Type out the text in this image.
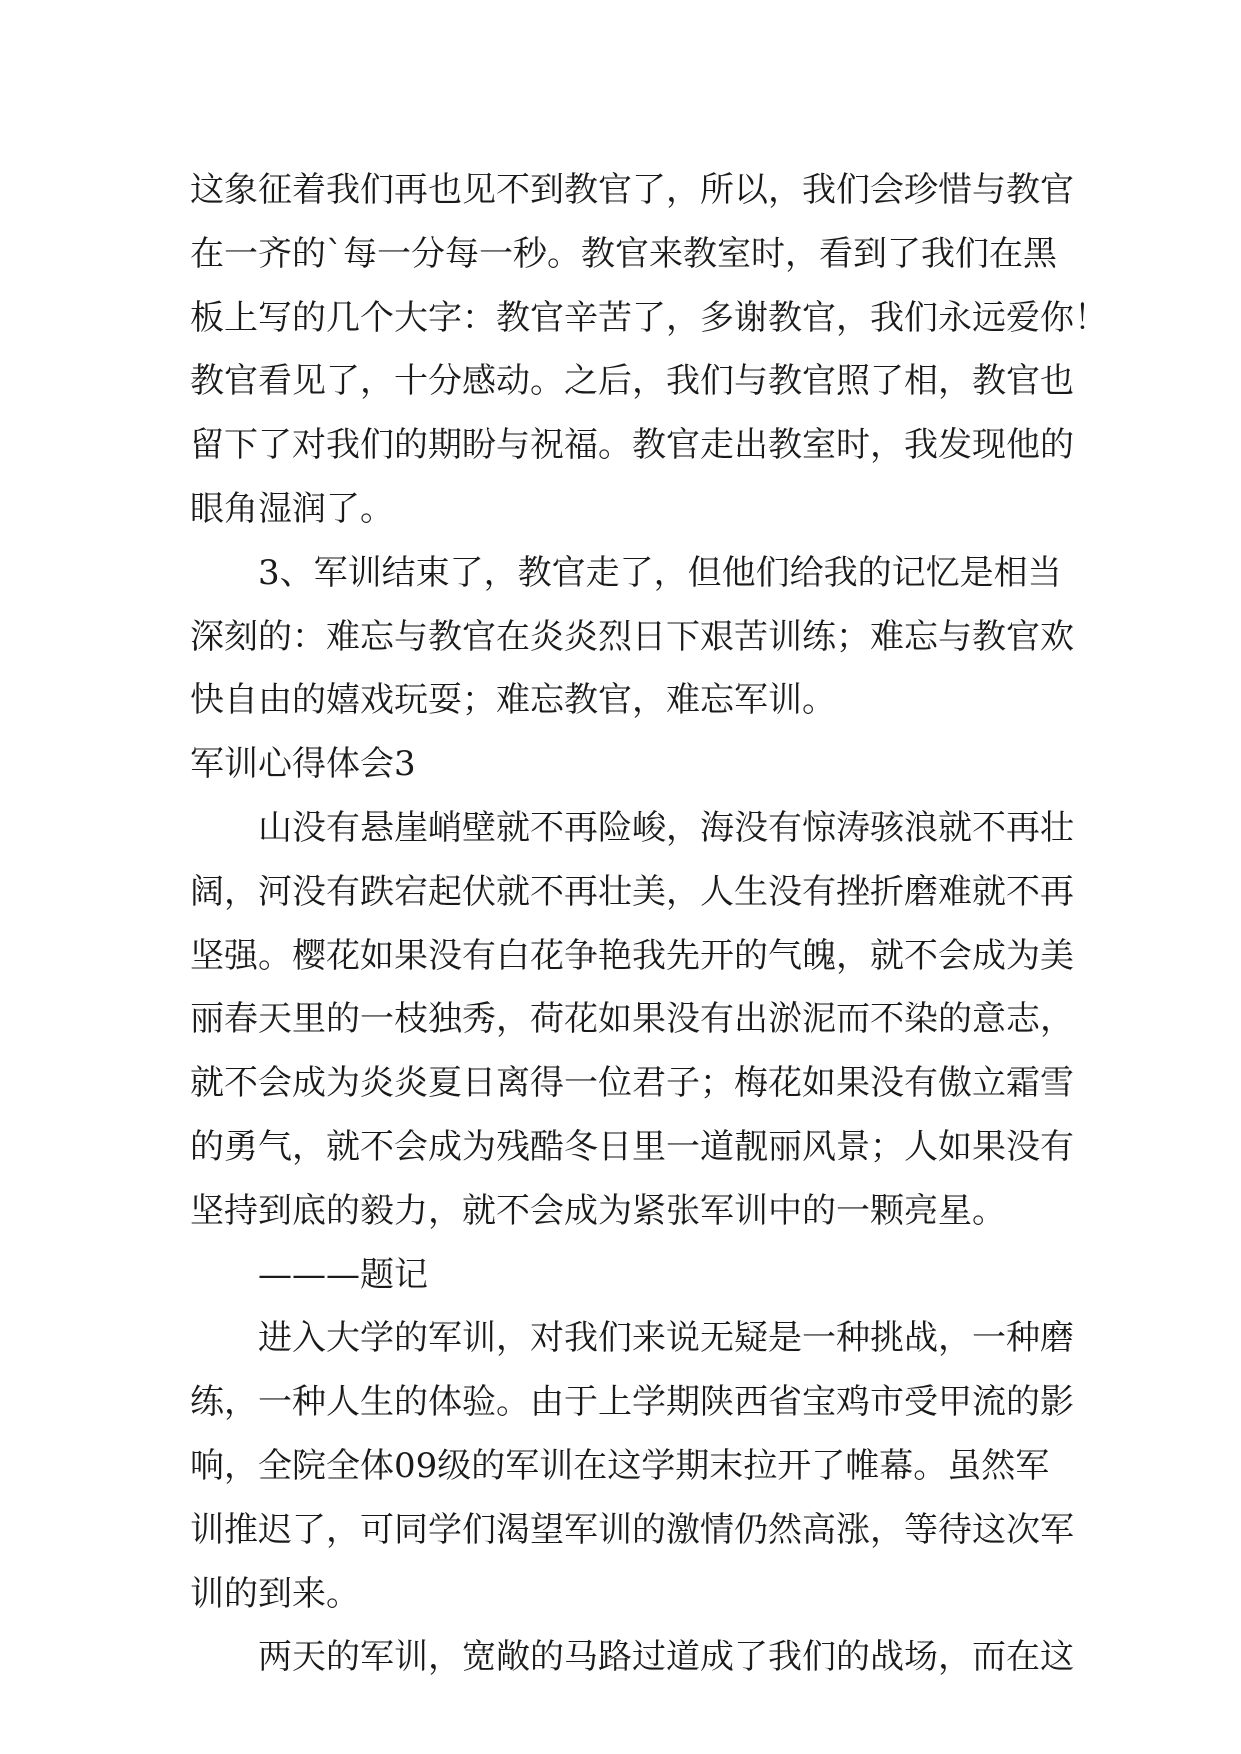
这象征着我们再也见不到教官了，所以，我们会珍惜与教官
在一齐的`每一分每一秒。教官来教室时，看到了我们在黑
板上写的几个大字：教官辛苦了，多谢教官，我们永远爱你！
教官看见了，十分感动。之后，我们与教官照了相，教官也
留下了对我们的期盼与祝福。教官走出教室时，我发现他的
眼角湿润了。
3、军训结束了，教官走了，但他们给我的记忆是相当
深刻的：难忘与教官在炎炎烈日下艰苦训练；难忘与教官欢
快自由的嬉戏玩耍；难忘教官，难忘军训。
军训心得体会3
山没有悬崖峭壁就不再险峻，海没有惊涛骇浪就不再壮
阔，河没有跌宕起伏就不再壮美，人生没有挫折磨难就不再
坚强。樱花如果没有白花争艳我先开的气魄，就不会成为美
丽春天里的一枝独秀，荷花如果没有出淤泥而不染的意志，
就不会成为炎炎夏日离得一位君子；梅花如果没有傲立霜雪
的勇气，就不会成为残酷冬日里一道靓丽风景；人如果没有
坚持到底的毅力，就不会成为紧张军训中的一颗亮星。
———题记
进入大学的军训，对我们来说无疑是一种挑战，一种磨
练，一种人生的体验。由于上学期陕西省宝鸡市受甲流的影
响，全院全体09级的军训在这学期末拉开了帷幕。虽然军
训推迟了，可同学们渴望军训的激情仍然高涨，等待这次军
训的到来。
两天的军训，宽敞的马路过道成了我们的战场，而在这
